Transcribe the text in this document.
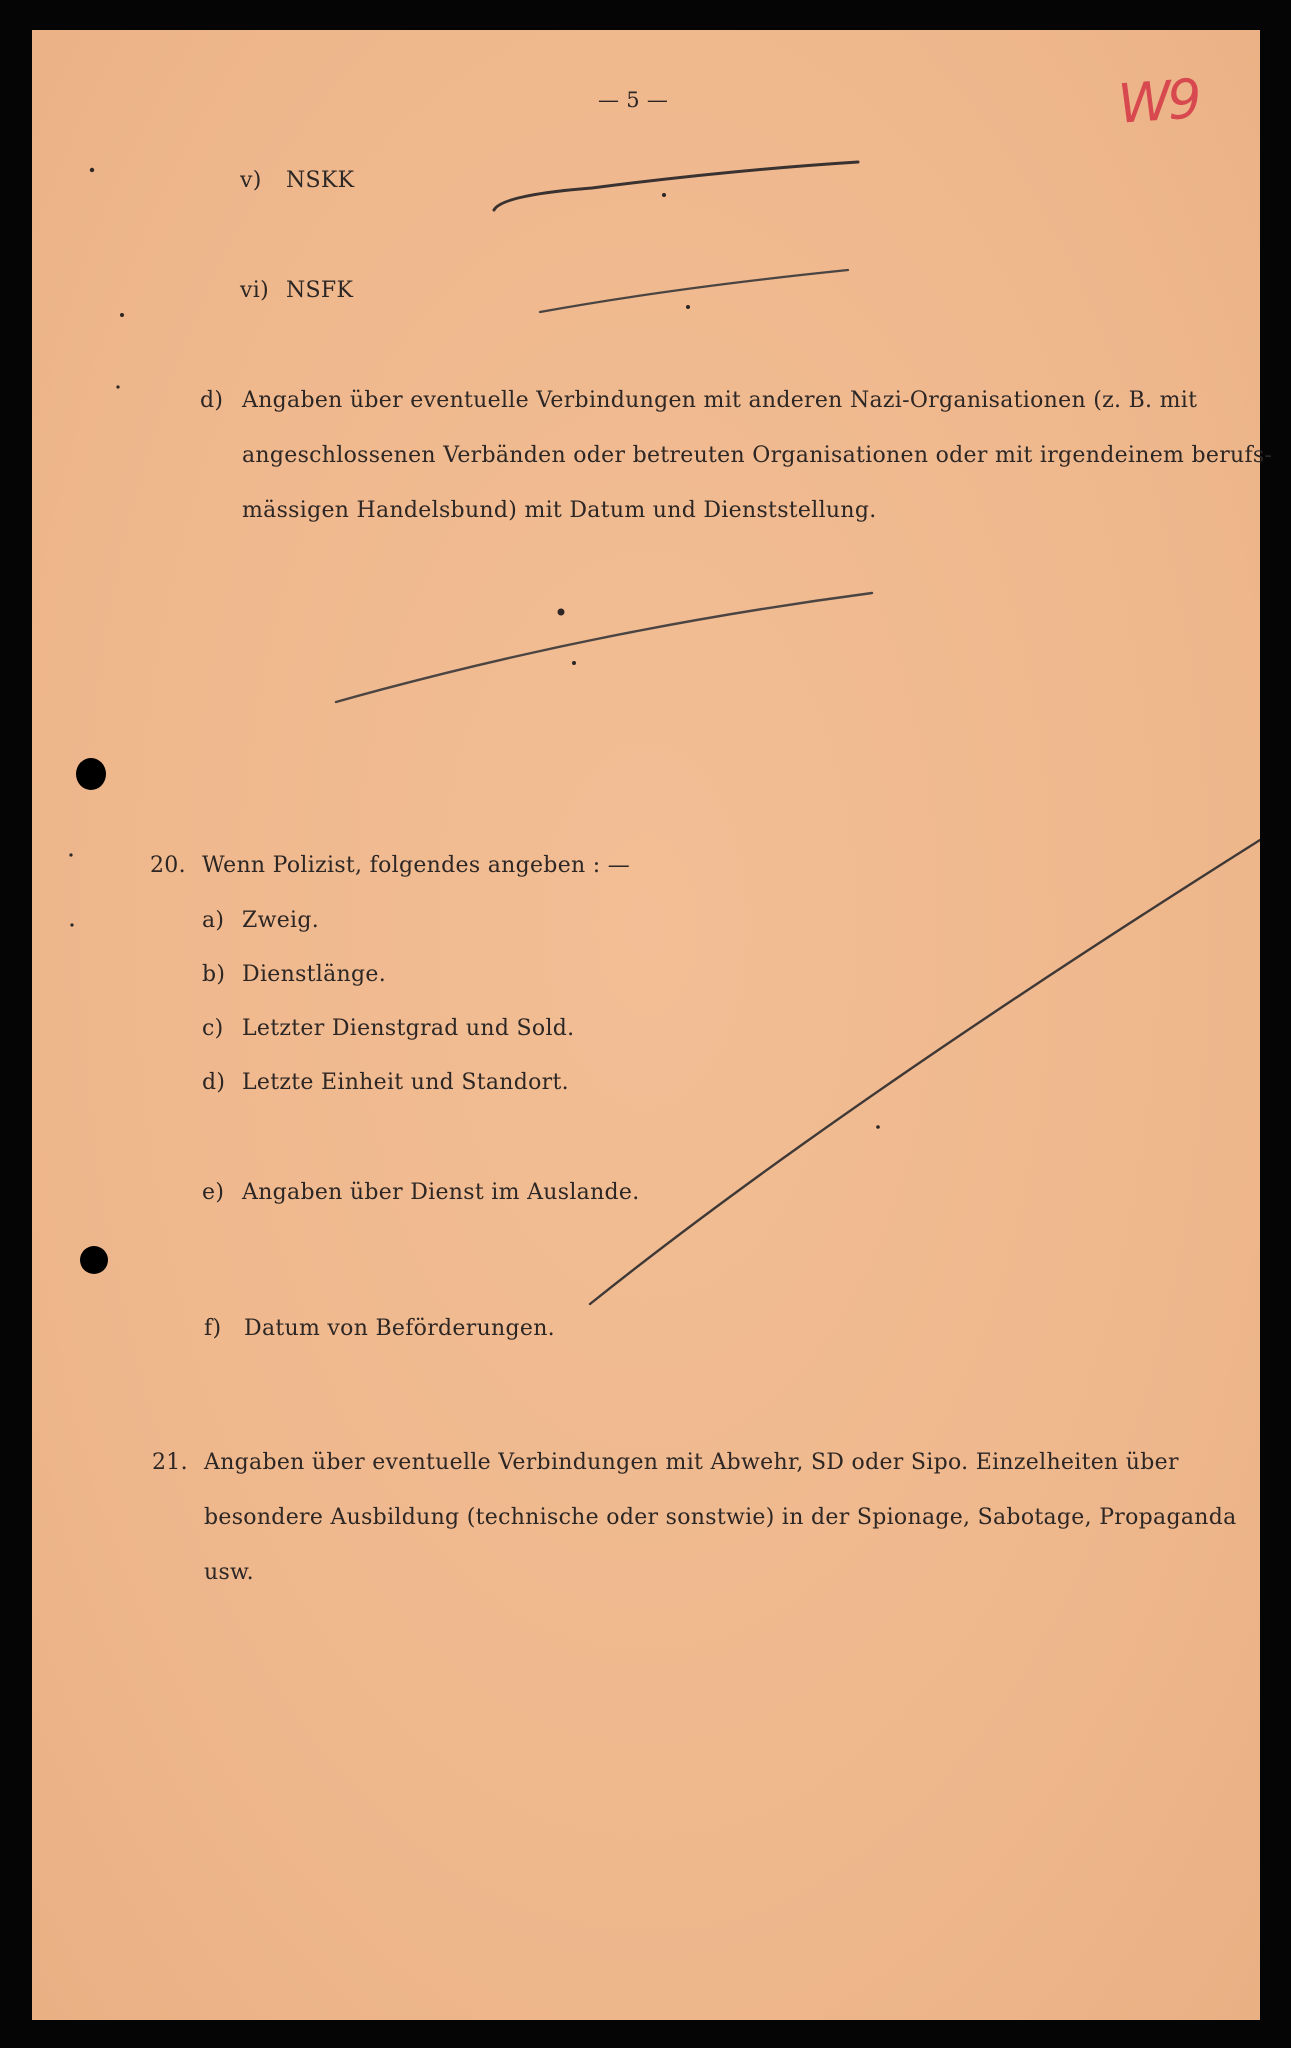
— 5 —	W9
v) NSKK
vi) NSFK
d) Angaben über eventuelle Verbindungen mit anderen Nazi-Organisationen (z. B. mit
angeschlossenen Verbänden oder betreuten Organisationen oder mit irgendeinem berufs-
mässigen Handelsbund) mit Datum und Dienststellung.
20. Wenn Polizist, folgendes angeben : —
a) Zweig.
b) Dienstlänge.
c) Letzter Dienstgrad und Sold.
d) Letzte Einheit und Standort.
e) Angaben über Dienst im Auslande.
f) Datum von Beförderungen.
21. Angaben über eventuelle Verbindungen mit Abwehr, SD oder Sipo. Einzelheiten über
besondere Ausbildung (technische oder sonstwie) in der Spionage, Sabotage, Propaganda
usw.
